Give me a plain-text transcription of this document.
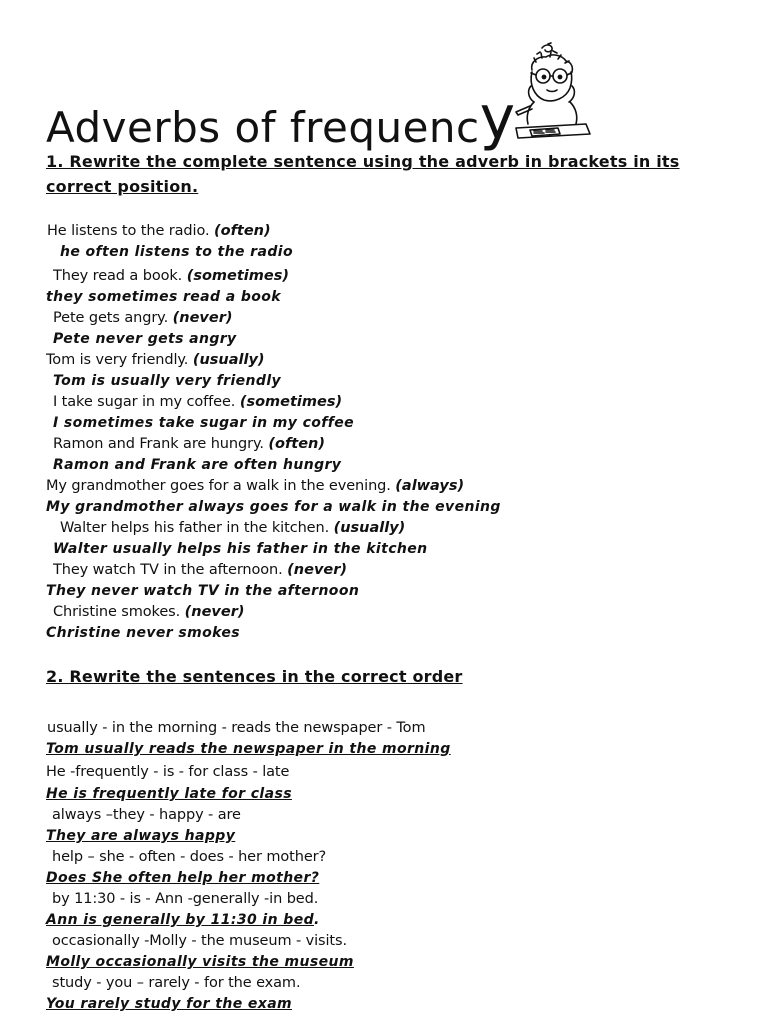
Adverbs of frequency
1. Rewrite the complete sentence using the adverb in brackets in its
correct position.
He listens to the radio. (often)
he often listens to the radio
They read a book. (sometimes)
they sometimes read a book
Pete gets angry. (never)
Pete never gets angry
Tom is very friendly. (usually)
Tom is usually very friendly
I take sugar in my coffee. (sometimes)
I sometimes take sugar in my coffee
Ramon and Frank are hungry. (often)
Ramon and Frank are often hungry
My grandmother goes for a walk in the evening. (always)
My grandmother always goes for a walk in the evening
Walter helps his father in the kitchen. (usually)
Walter usually helps his father in the kitchen
They watch TV in the afternoon. (never)
They never watch TV in the afternoon
Christine smokes. (never)
Christine never smokes
2. Rewrite the sentences in the correct order
usually - in the morning - reads the newspaper - Tom
Tom usually reads the newspaper in the morning
He -frequently - is - for class - late
He is frequently late for class
always –they - happy - are
They are always happy
help – she - often - does - her mother?
Does She often help her mother?
by 11:30 - is - Ann -generally -in bed.
Ann is generally by 11:30 in bed.
occasionally -Molly - the museum - visits.
Molly occasionally visits the museum
study - you – rarely - for the exam.
You rarely study for the exam
